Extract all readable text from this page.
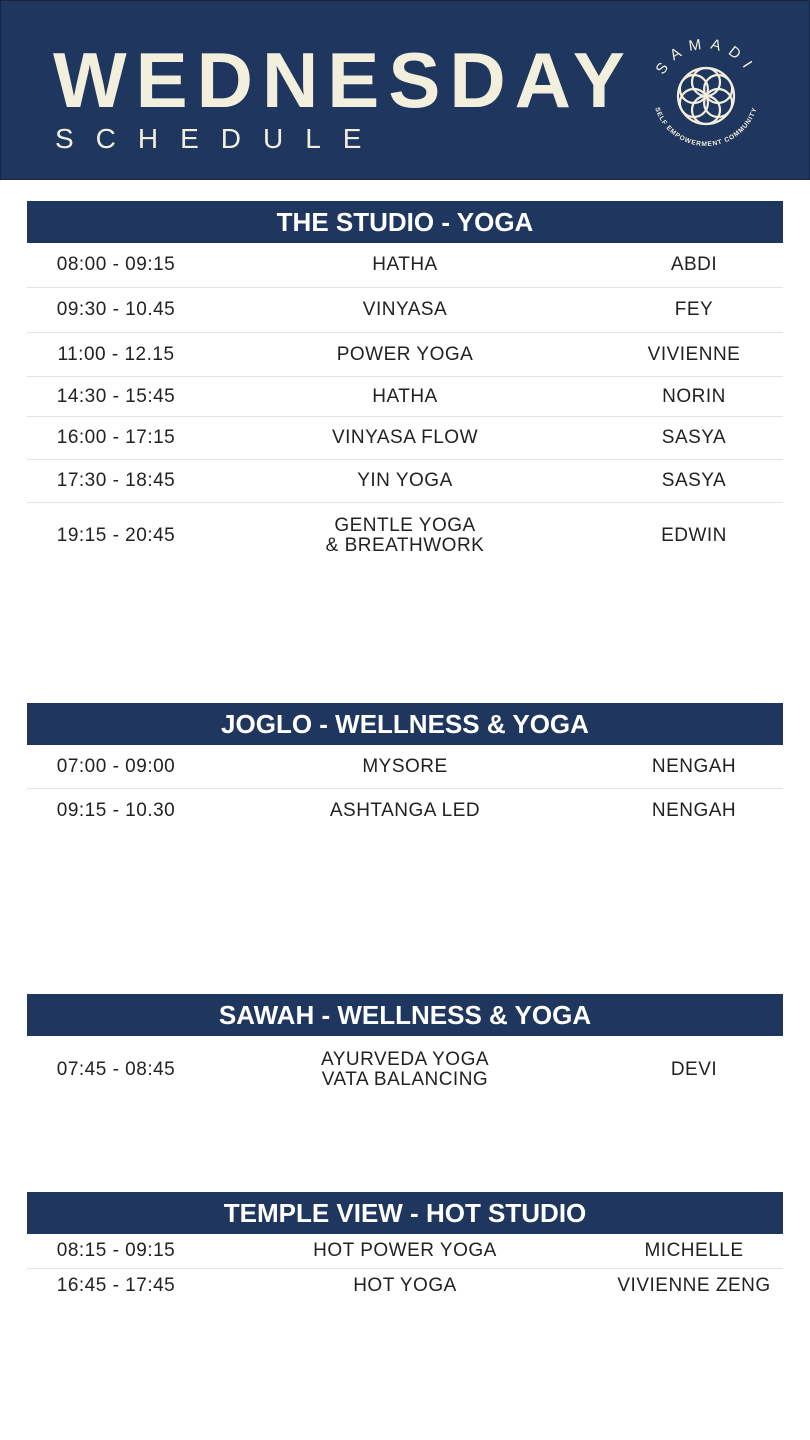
WEDNESDAY
SCHEDULE
SAMADI
SELF EMPOWERMENT COMMUNITY
THE STUDIO - YOGA
08:00 - 09:15	HATHA	ABDI
09:30 - 10.45	VINYASA	FEY
11:00 - 12.15	POWER YOGA	VIVIENNE
14:30 - 15:45	HATHA	NORIN
16:00 - 17:15	VINYASA FLOW	SASYA
17:30 - 18:45	YIN YOGA	SASYA
19:15 - 20:45	GENTLE YOGA
& BREATHWORK	EDWIN
JOGLO - WELLNESS & YOGA
07:00 - 09:00	MYSORE	NENGAH
09:15 - 10.30	ASHTANGA LED	NENGAH
SAWAH - WELLNESS & YOGA
07:45 - 08:45	AYURVEDA YOGA
VATA BALANCING	DEVI
TEMPLE VIEW - HOT STUDIO
08:15 - 09:15	HOT POWER YOGA	MICHELLE
16:45 - 17:45	HOT YOGA	VIVIENNE ZENG
